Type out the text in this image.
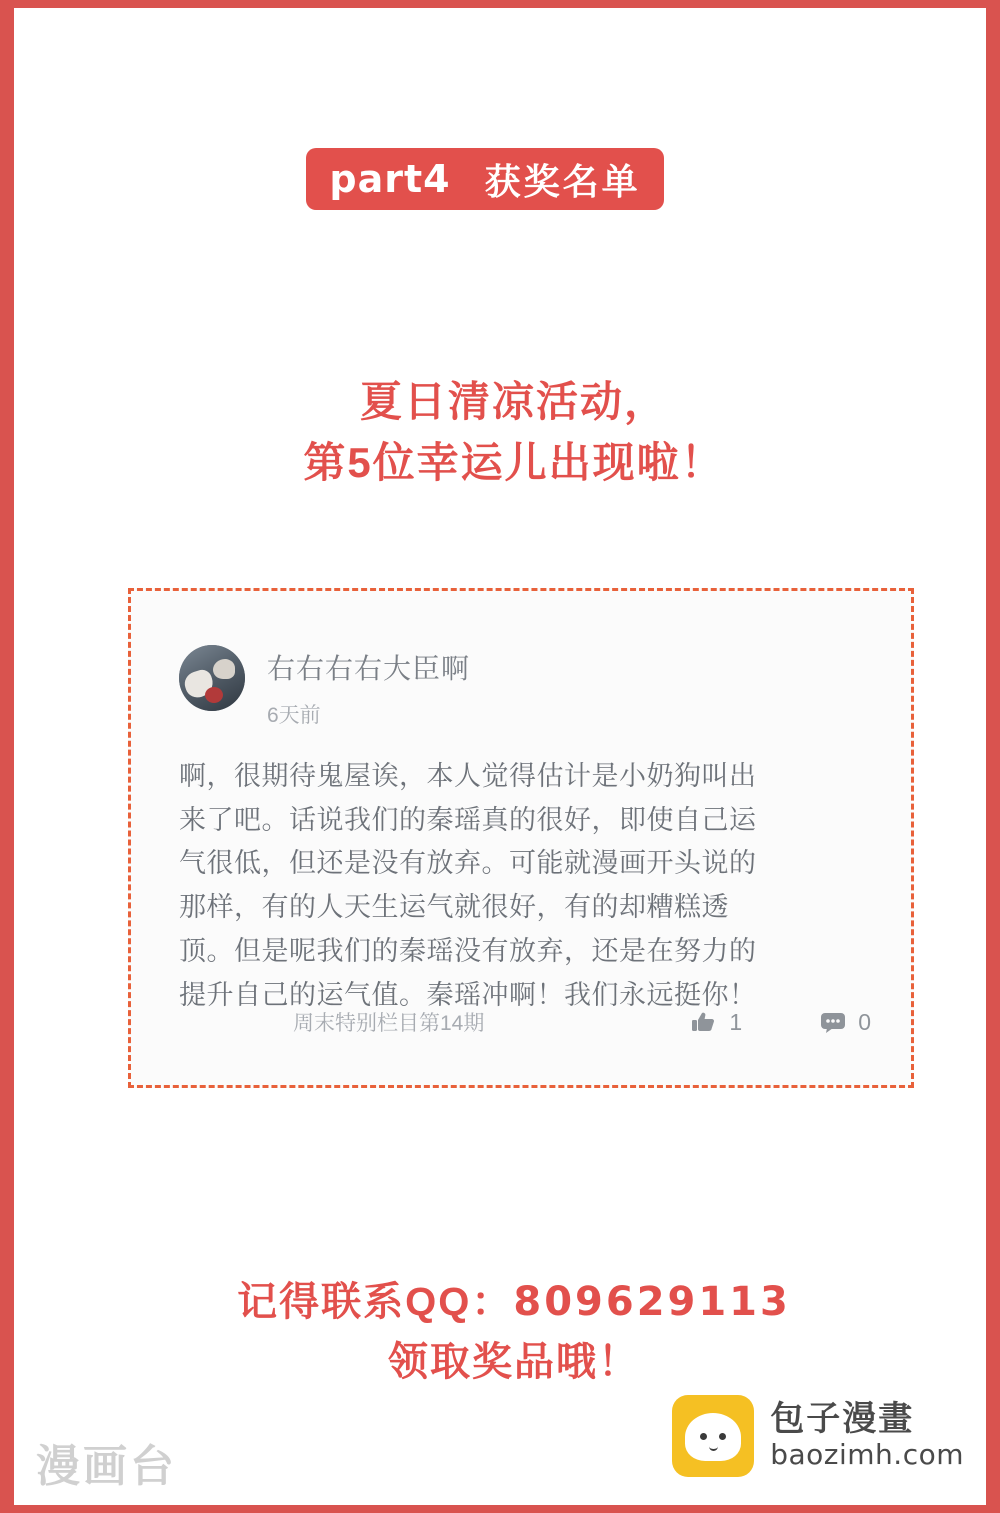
part4 获奖名单
夏日清凉活动，
第5位幸运儿出现啦！
右右右右大臣啊
6天前
啊，很期待鬼屋诶，本人觉得估计是小奶狗叫出来了吧。话说我们的秦瑶真的很好，即使自己运气很低，但还是没有放弃。可能就漫画开头说的那样，有的人天生运气就很好，有的却糟糕透顶。但是呢我们的秦瑶没有放弃，还是在努力的提升自己的运气值。秦瑶冲啊！我们永远挺你！
周末特别栏目第14期	1	0
记得联系QQ：809629113
领取奖品哦！
漫画台
包子漫畫
baozimh.com
